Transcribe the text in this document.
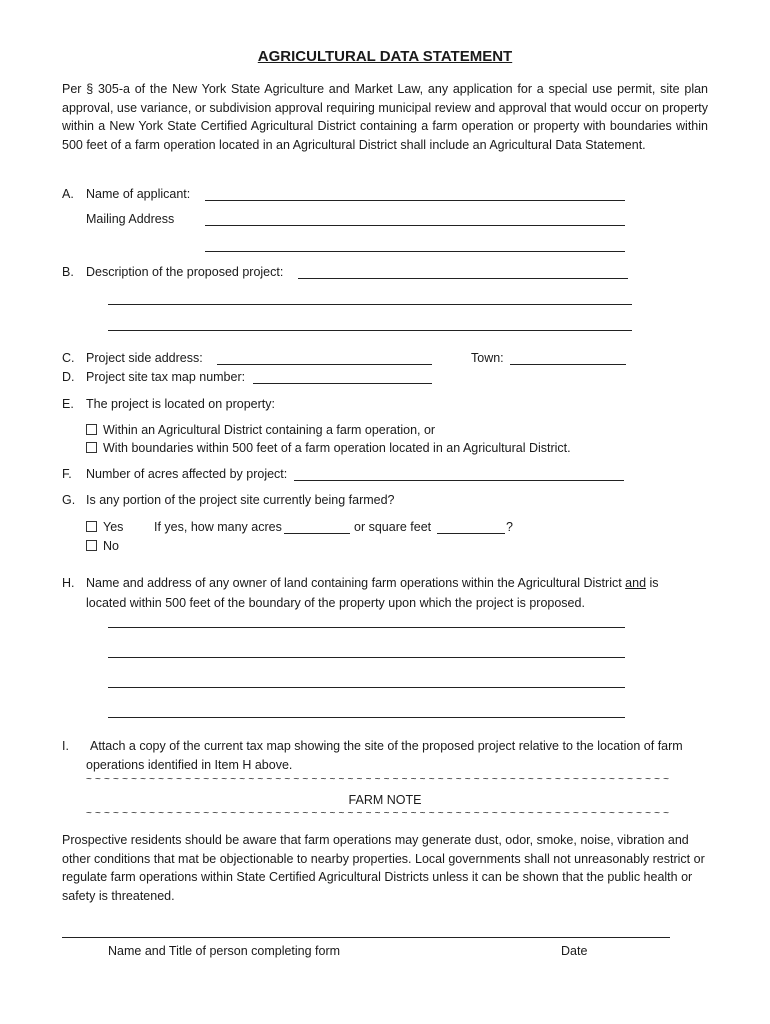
AGRICULTURAL DATA STATEMENT
Per § 305-a of the New York State Agriculture and Market Law, any application for a special use permit, site plan approval, use variance, or subdivision approval requiring municipal review and approval that would occur on property within a New York State Certified Agricultural District containing a farm operation or property with boundaries within 500 feet of a farm operation located in an Agricultural District shall include an Agricultural Data Statement.
A. Name of applicant:
Mailing Address
B. Description of the proposed project:
C. Project side address:	Town:
D. Project site tax map number:
E. The project is located on property:
Within an Agricultural District containing a farm operation, or
With boundaries within 500 feet of a farm operation located in an Agricultural District.
F. Number of acres affected by project:
G. Is any portion of the project site currently being farmed?
Yes If yes, how many acres	or square feet	?
No
H. Name and address of any owner of land containing farm operations within the Agricultural District and is
located within 500 feet of the boundary of the property upon which the project is proposed.
I. Attach a copy of the current tax map showing the site of the proposed project relative to the location of farm
operations identified in Item H above.
~ ~ ~ ~ ~ ~ ~ ~ ~ ~ ~ ~ ~ ~ ~ ~ ~ ~ ~ ~ ~ ~ ~ ~ ~ ~ ~ ~ ~ ~ ~ ~ ~ ~ ~ ~ ~ ~ ~ ~ ~ ~ ~ ~ ~ ~ ~ ~ ~ ~ ~ ~ ~ ~ ~ ~ ~ ~ ~ ~ ~ ~ ~ ~ ~
FARM NOTE
~ ~ ~ ~ ~ ~ ~ ~ ~ ~ ~ ~ ~ ~ ~ ~ ~ ~ ~ ~ ~ ~ ~ ~ ~ ~ ~ ~ ~ ~ ~ ~ ~ ~ ~ ~ ~ ~ ~ ~ ~ ~ ~ ~ ~ ~ ~ ~ ~ ~ ~ ~ ~ ~ ~ ~ ~ ~ ~ ~ ~ ~ ~ ~ ~
Prospective residents should be aware that farm operations may generate dust, odor, smoke, noise, vibration and other conditions that mat be objectionable to nearby properties. Local governments shall not unreasonably restrict or regulate farm operations within State Certified Agricultural Districts unless it can be shown that the public health or safety is threatened.
Name and Title of person completing form	Date
